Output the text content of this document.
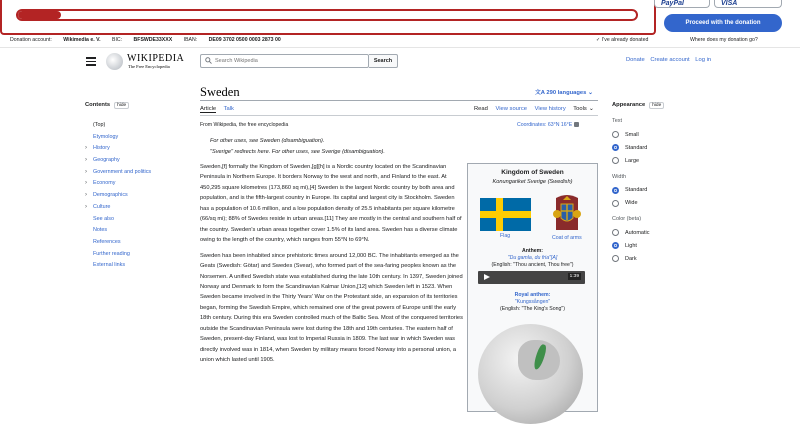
PayPal	VISA
Proceed with the donation
Donation account: Wikimedia e. V. BIC: BFSWDE33XXX IBAN: DE09 3702 0500 0003 2873 00	✓ I've already donated	Where does my donation go?
WIKIPEDIA
The Free Encyclopedia
Search Wikipedia
Search	Donate Create account Log in
Contents hide
(Top)
Etymology
› History
› Geography
› Government and politics
› Economy
› Demographics
› Culture
See also
Notes
References
Further reading
External links
Sweden	文A 290 languages ⌄
Article Talk	Read View source View history Tools ⌄
From Wikipedia, the free encyclopedia	Coordinates: 63°N 16°E
For other uses, see Sweden (disambiguation).
"Sverige" redirects here. For other uses, see Sverige (disambiguation).

Sweden,[f] formally the Kingdom of Sweden,[g][h] is a Nordic country located on the Scandinavian Peninsula in Northern Europe. It borders Norway to the west and north, and Finland to the east. At 450,295 square kilometres (173,860 sq mi),[4] Sweden is the largest Nordic country by both area and population, and is the fifth-largest country in Europe. Its capital and largest city is Stockholm. Sweden has a population of 10.6 million, and a low population density of 25.5 inhabitants per square kilometre (66/sq mi); 88% of Swedes reside in urban areas.[11] They are mostly in the central and southern half of the country. Sweden's urban areas together cover 1.5% of its land area. Sweden has a diverse climate owing to the length of the country, which ranges from 55°N to 69°N.

Sweden has been inhabited since prehistoric times around 12,000 BC. The inhabitants emerged as the Geats (Swedish: Götar) and Swedes (Svear), who formed part of the sea-faring peoples known as the Norsemen. A unified Swedish state was established during the late 10th century. In 1397, Sweden joined Norway and Denmark to form the Scandinavian Kalmar Union,[12] which Sweden left in 1523. When Sweden became involved in the Thirty Years' War on the Protestant side, an expansion of its territories began, forming the Swedish Empire, which remained one of the great powers of Europe until the early 18th century. During this era Sweden controlled much of the Baltic Sea. Most of the conquered territories outside the Scandinavian Peninsula were lost during the 18th and 19th centuries. The eastern half of Sweden, present-day Finland, was lost to Imperial Russia in 1809. The last war in which Sweden was directly involved was in 1814, when Sweden by military means forced Norway into a personal union, a union which lasted until 1905.

Kingdom of Sweden
Konungariket Sverige (Swedish)
Flag	Coat of arms
Anthem:
"Du gamla, du fria"[A]
(English: "Thou ancient, Thou free")
1:39
Royal anthem:
"Kungssången"
(English: "The King's Song")
Appearance hide
Text
Small
Standard
Large
Width
Standard
Wide
Color (beta)
Automatic
Light
Dark
